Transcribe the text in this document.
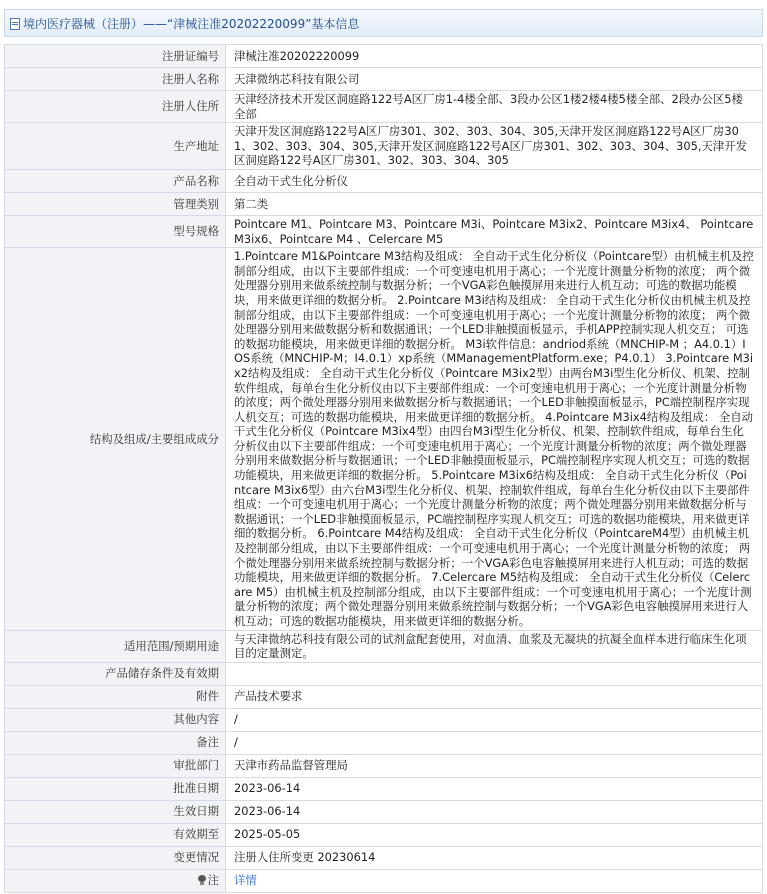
境内医疗器械（注册）——“津械注准20202220099”基本信息
注册证编号	津械注准20202220099
注册人名称	天津微纳芯科技有限公司
注册人住所	天津经济技术开发区洞庭路122号A区厂房1-4楼全部、3段办公区1楼2楼4楼5楼全部、2段办公区5楼全部
生产地址	天津开发区洞庭路122号A区厂房301、302、303、304、305,天津开发区洞庭路122号A区厂房301、302、303、304、305,天津开发区洞庭路122号A区厂房301、302、303、304、305,天津开发区洞庭路122号A区厂房301、302、303、304、305
产品名称	全自动干式生化分析仪
管理类别	第二类
型号规格	Pointcare M1、Pointcare M3、Pointcare M3i、Pointcare M3ix2、Pointcare M3ix4、 Pointcare M3ix6、Pointcare M4 、Celercare M5
结构及组成/主要组成成分	1.Pointcare M1&Pointcare M3结构及组成： 全自动干式生化分析仪（Pointcare型）由机械主机及控制部分组成，由以下主要部件组成：一个可变速电机用于离心；一个光度计测量分析物的浓度； 两个微处理器分别用来做系统控制与数据分析；一个VGA彩色触摸屏用来进行人机互动；可选的数据功能模块，用来做更详细的数据分析。 2.Pointcare M3i结构及组成： 全自动干式生化分析仪由机械主机及控制部分组成，由以下主要部件组成：一个可变速电机用于离心；一个光度计测量分析物的浓度； 两个微处理器分别用来做数据分析和数据通讯；一个LED非触摸面板显示，手机APP控制实现人机交互； 可选的数据功能模块，用来做更详细的数据分析。 M3i软件信息：andriod系统（MNCHIP-M ；A4.0.1）IOS系统（MNCHIP-M；I4.0.1）xp系统（MManagementPlatform.exe；P4.0.1） 3.Pointcare M3ix2结构及组成： 全自动干式生化分析仪（Pointcare M3ix2型）由两台M3i型生化分析仪、机架、控制软件组成，每单台生化分析仪由以下主要部件组成：一个可变速电机用于离心；一个光度计测量分析物的浓度；两个微处理器分别用来做数据分析与数据通讯；一个LED非触摸面板显示，PC端控制程序实现人机交互；可选的数据功能模块，用来做更详细的数据分析。 4.Pointcare M3ix4结构及组成： 全自动干式生化分析仪（Pointcare M3ix4型）由四台M3i型生化分析仪、机架、控制软件组成，每单台生化分析仪由以下主要部件组成：一个可变速电机用于离心；一个光度计测量分析物的浓度；两个微处理器分别用来做数据分析与数据通讯；一个LED非触摸面板显示，PC端控制程序实现人机交互；可选的数据功能模块，用来做更详细的数据分析。 5.Pointcare M3ix6结构及组成： 全自动干式生化分析仪（Pointcare M3ix6型）由六台M3i型生化分析仪、机架、控制软件组成，每单台生化分析仪由以下主要部件组成：一个可变速电机用于离心；一个光度计测量分析物的浓度；两个微处理器分别用来做数据分析与数据通讯；一个LED非触摸面板显示，PC端控制程序实现人机交互；可选的数据功能模块，用来做更详细的数据分析。 6.Pointcare M4结构及组成： 全自动干式生化分析仪（PointcareM4型）由机械主机及控制部分组成，由以下主要部件组成：一个可变速电机用于离心；一个光度计测量分析物的浓度； 两个微处理器分别用来做系统控制与数据分析；一个VGA彩色电容触摸屏用来进行人机互动；可选的数据功能模块，用来做更详细的数据分析。 7.Celercare M5结构及组成： 全自动干式生化分析仪（Celercare M5）由机械主机及控制部分组成，由以下主要部件组成：一个可变速电机用于离心；一个光度计测量分析物的浓度；两个微处理器分别用来做系统控制与数据分析；一个VGA彩色电容触摸屏用来进行人机互动；可选的数据功能模块，用来做更详细的数据分析。
适用范围/预期用途	与天津微纳芯科技有限公司的试剂盒配套使用，对血清、血浆及无凝块的抗凝全血样本进行临床生化项目的定量测定。
产品储存条件及有效期	
附件	产品技术要求
其他内容	/
备注	/
审批部门	天津市药品监督管理局
批准日期	2023-06-14
生效日期	2023-06-14
有效期至	2025-05-05
变更情况	注册人住所变更 20230614
注	详情
